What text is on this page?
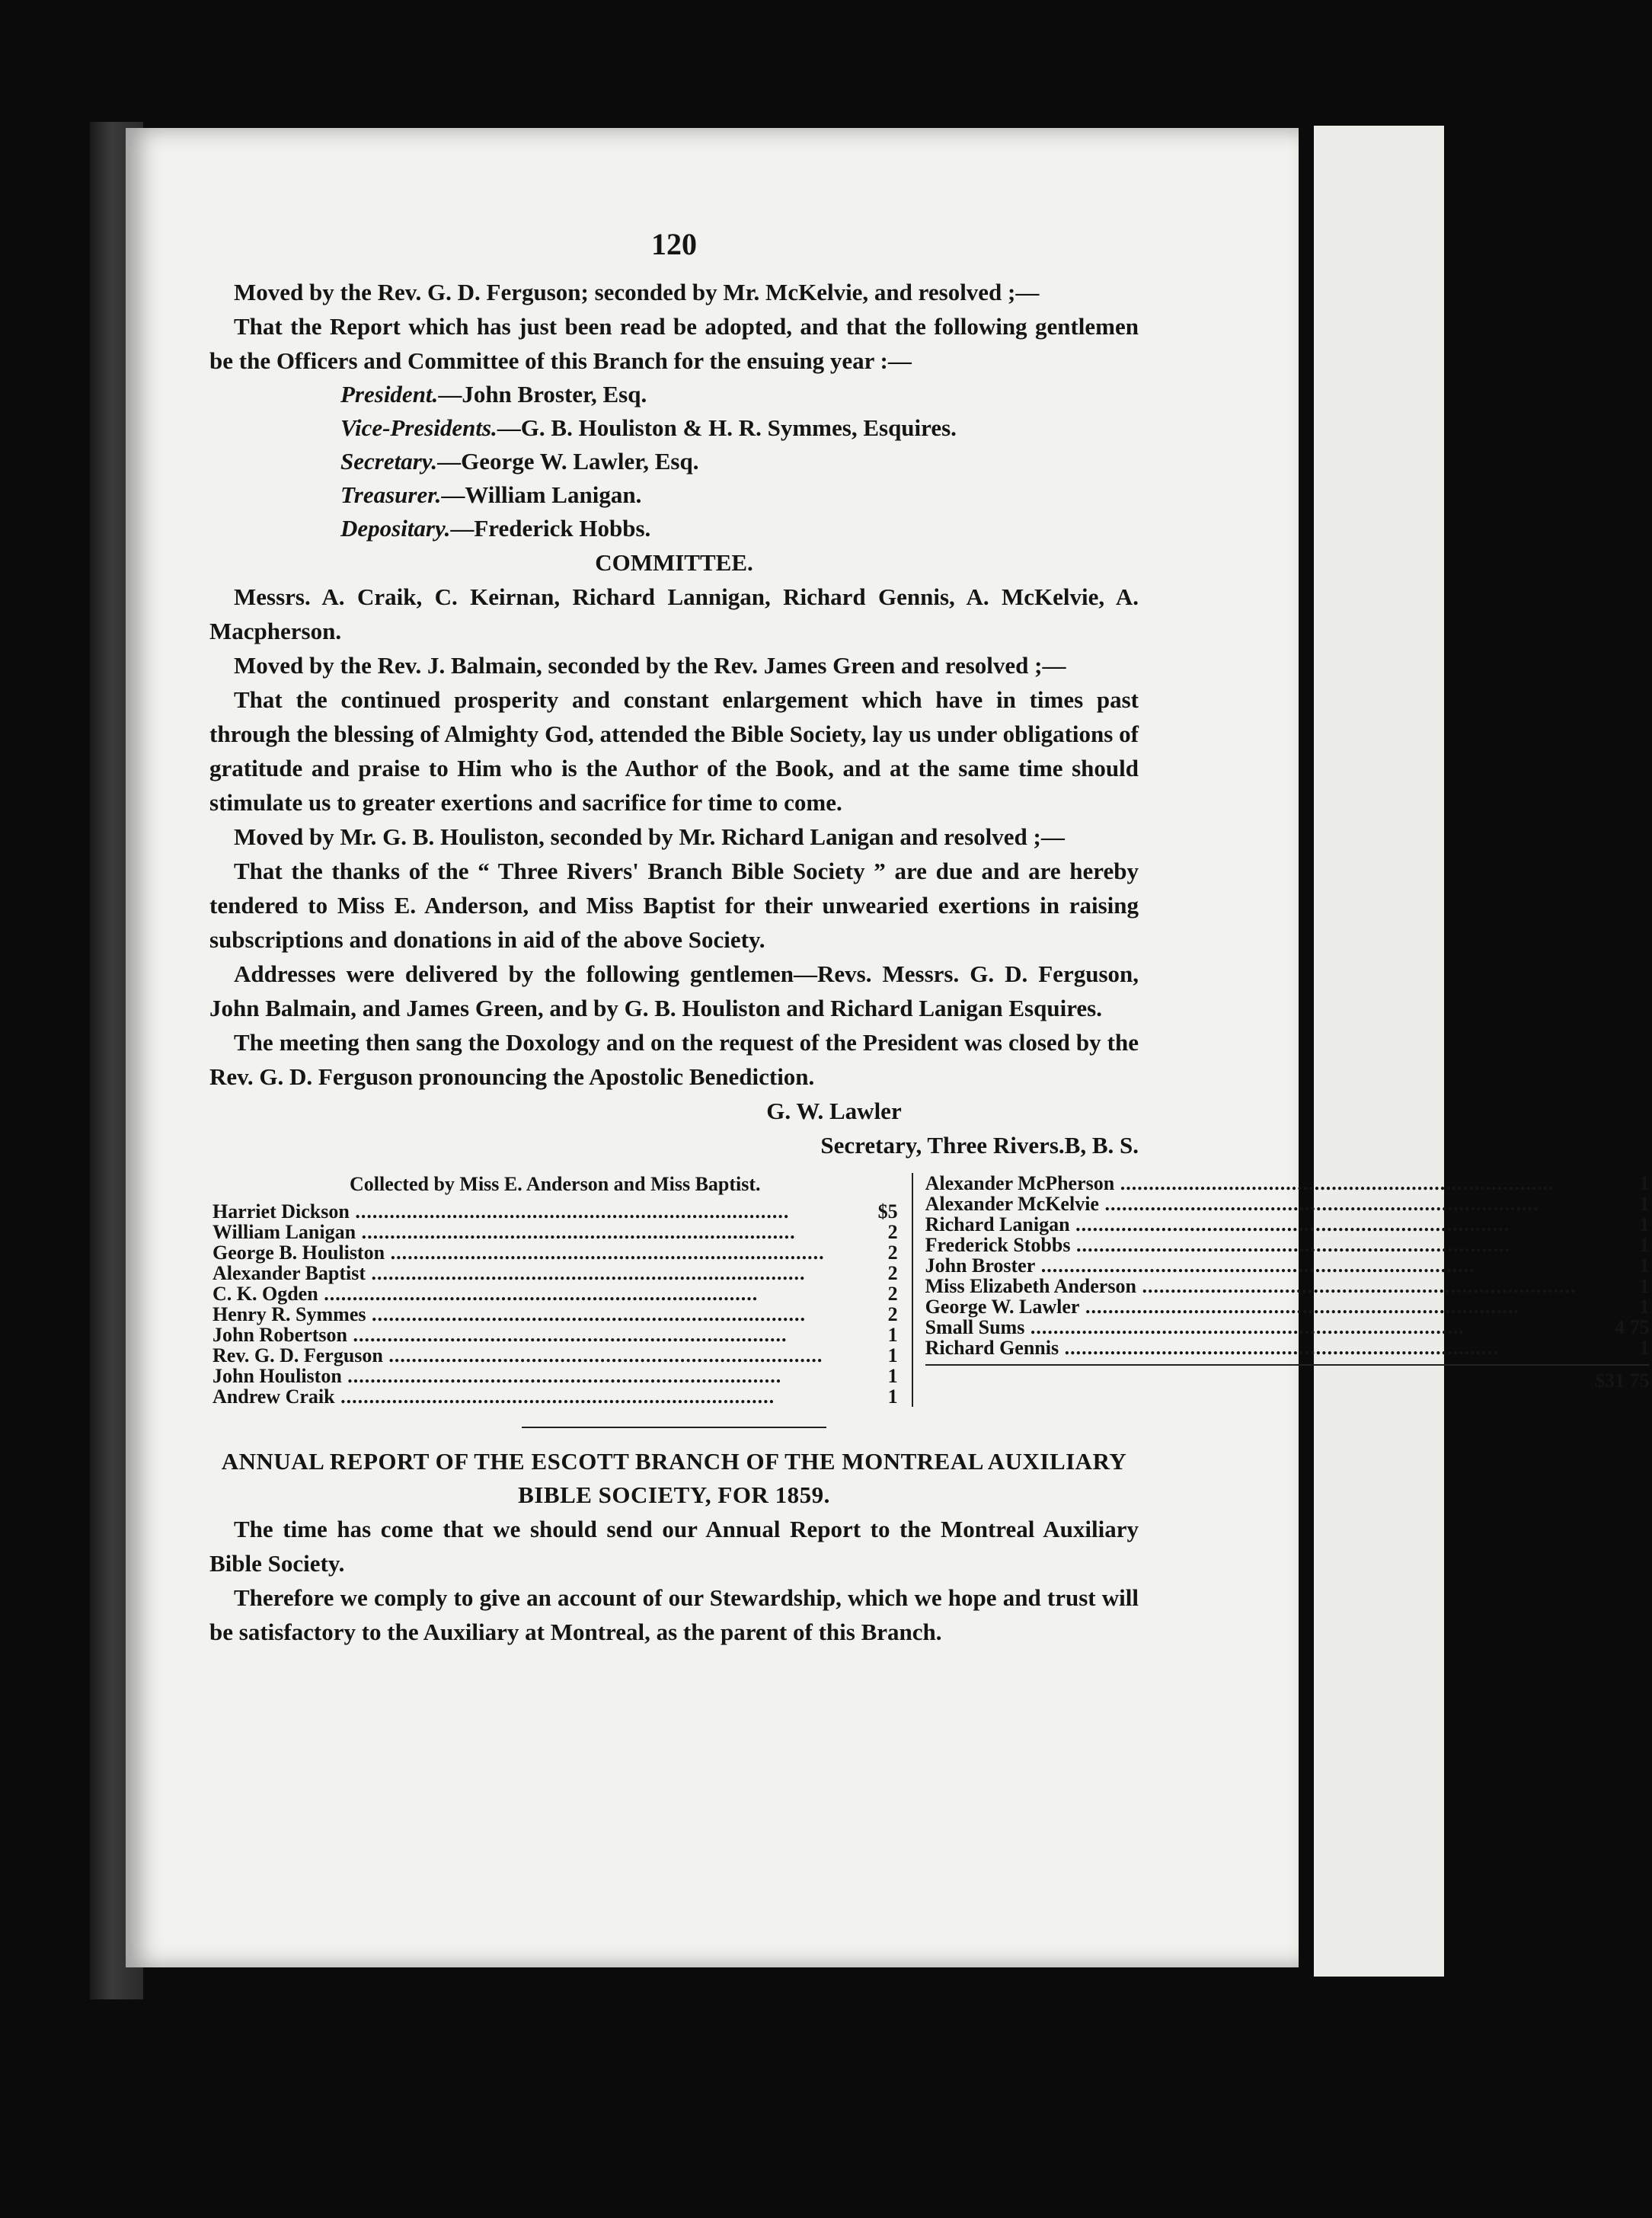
120

Moved by the Rev. G. D. Ferguson; seconded by Mr. McKelvie, and resolved ;—

That the Report which has just been read be adopted, and that the following gentlemen be the Officers and Committee of this Branch for the ensuing year :—

President.—John Broster, Esq.
Vice-Presidents.—G. B. Houliston & H. R. Symmes, Esquires.
Secretary.—George W. Lawler, Esq.
Treasurer.—William Lanigan.
Depositary.—Frederick Hobbs.
COMMITTEE.

Messrs. A. Craik, C. Keirnan, Richard Lannigan, Richard Gennis, A. McKelvie, A. Macpherson.

Moved by the Rev. J. Balmain, seconded by the Rev. James Green and resolved ;—

That the continued prosperity and constant enlargement which have in times past through the blessing of Almighty God, attended the Bible Society, lay us under obligations of gratitude and praise to Him who is the Author of the Book, and at the same time should stimulate us to greater exertions and sacrifice for time to come.

Moved by Mr. G. B. Houliston, seconded by Mr. Richard Lanigan and resolved ;—

That the thanks of the “ Three Rivers' Branch Bible Society ” are due and are hereby tendered to Miss E. Anderson, and Miss Baptist for their unwearied exertions in raising subscriptions and donations in aid of the above Society.

Addresses were delivered by the following gentlemen—Revs. Messrs. G. D. Ferguson, John Balmain, and James Green, and by G. B. Houliston and Richard Lanigan Esquires.

The meeting then sang the Doxology and on the request of the President was closed by the Rev. G. D. Ferguson pronouncing the Apostolic Benediction.

G. W. Lawler
Secretary, Three Rivers.B, B. S.
Collected by Miss E. Anderson and Miss Baptist.
Harriet Dickson .....	$5
William Lanigan .....	2
George B. Houliston .....	2
Alexander Baptist .....	2
C. K. Ogden .....	2
Henry R. Symmes .....	2
John Robertson .....	1
Rev. G. D. Ferguson .....	1
John Houliston .....	1
Andrew Craik .....	1
Alexander McPherson .....	1
Alexander McKelvie .....	1
Richard Lanigan .....	1
Frederick Stobbs .....	1
John Broster .....	1
Miss Elizabeth Anderson .....	1
George W. Lawler .....	1
Small Sums .....	4 75
Richard Gennis .....	1
$31 75
ANNUAL REPORT OF THE ESCOTT BRANCH OF THE MONTREAL AUXILIARY BIBLE SOCIETY, FOR 1859.

The time has come that we should send our Annual Report to the Montreal Auxiliary Bible Society.

Therefore we comply to give an account of our Stewardship, which we hope and trust will be satisfactory to the Auxiliary at Montreal, as the parent of this Branch.
